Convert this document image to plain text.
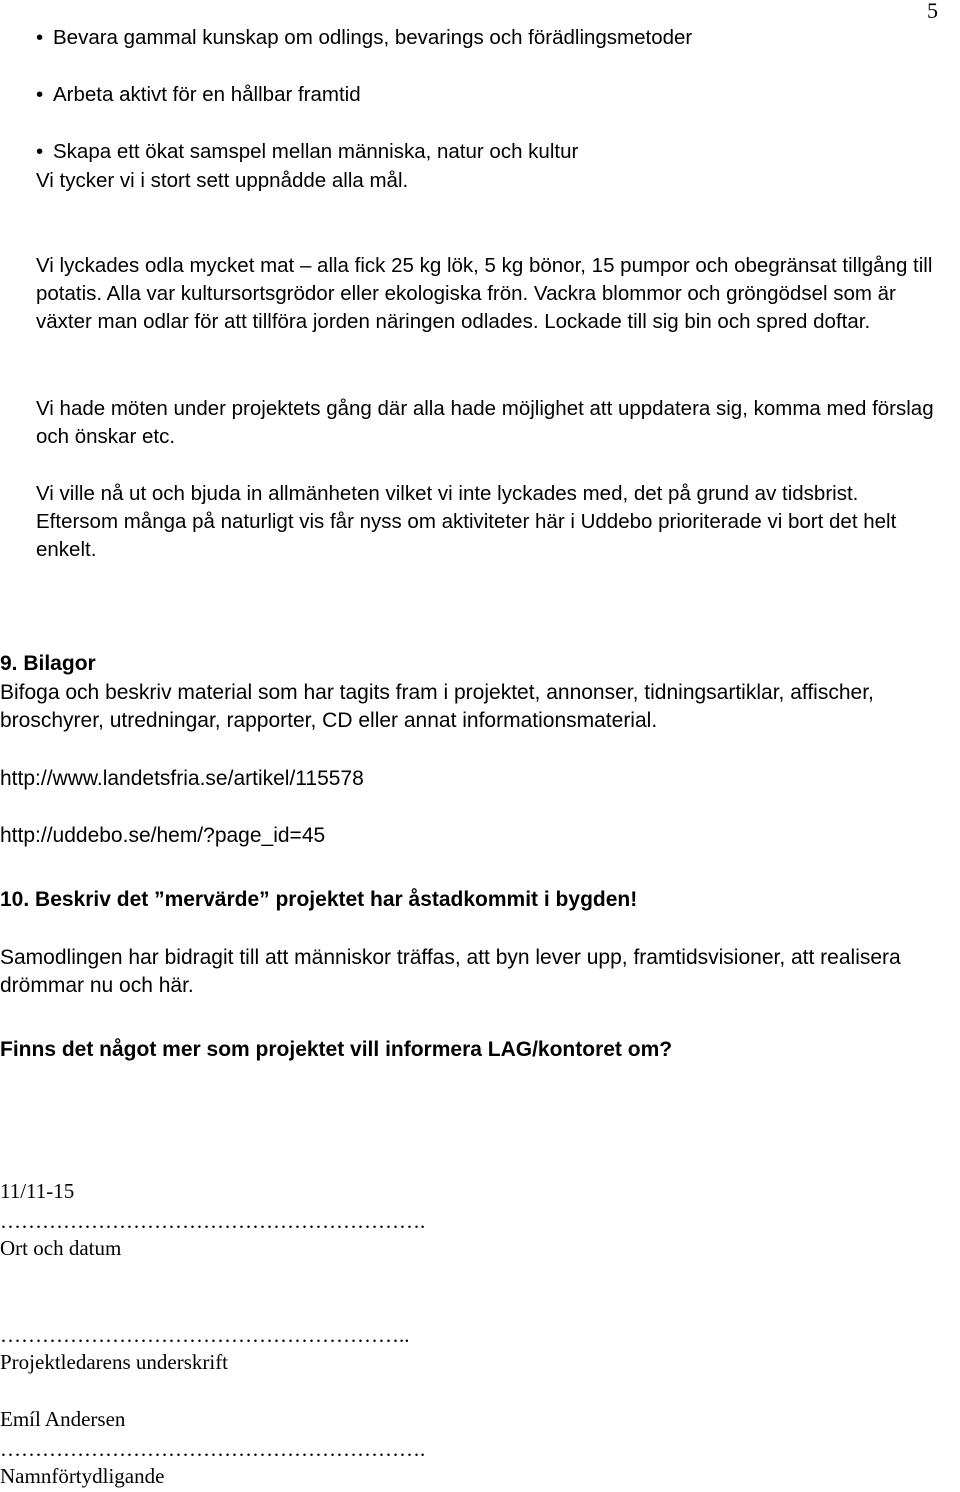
5
• Bevara gammal kunskap om odlings, bevarings och förädlingsmetoder
• Arbeta aktivt för en hållbar framtid
• Skapa ett ökat samspel mellan människa, natur och kultur

Vi tycker vi i stort sett uppnådde alla mål.

Vi lyckades odla mycket mat – alla fick 25 kg lök, 5 kg bönor, 15 pumpor och obegränsat tillgång till potatis. Alla var kultursortsgrödor eller ekologiska frön. Vackra blommor och gröngödsel som är växter man odlar för att tillföra jorden näringen odlades. Lockade till sig bin och spred doftar.

Vi hade möten under projektets gång där alla hade möjlighet att uppdatera sig, komma med förslag och önskar etc.

Vi ville nå ut och bjuda in allmänheten vilket vi inte lyckades med, det på grund av tidsbrist. Eftersom många på naturligt vis får nyss om aktiviteter här i Uddebo prioriterade vi bort det helt enkelt.

9. Bilagor

Bifoga och beskriv material som har tagits fram i projektet, annonser, tidningsartiklar, affischer, broschyrer, utredningar, rapporter, CD eller annat informationsmaterial.

http://www.landetsfria.se/artikel/115578

http://uddebo.se/hem/?page_id=45

10. Beskriv det ”mervärde” projektet har åstadkommit i bygden!

Samodlingen har bidragit till att människor träffas, att byn lever upp, framtidsvisioner, att realisera drömmar nu och här.

Finns det något mer som projektet vill informera LAG/kontoret om?

11/11-15

…………………………………………………….

Ort och datum

…………………………………………………..

Projektledarens underskrift

Emíl Andersen

…………………………………………………….

Namnförtydligande
